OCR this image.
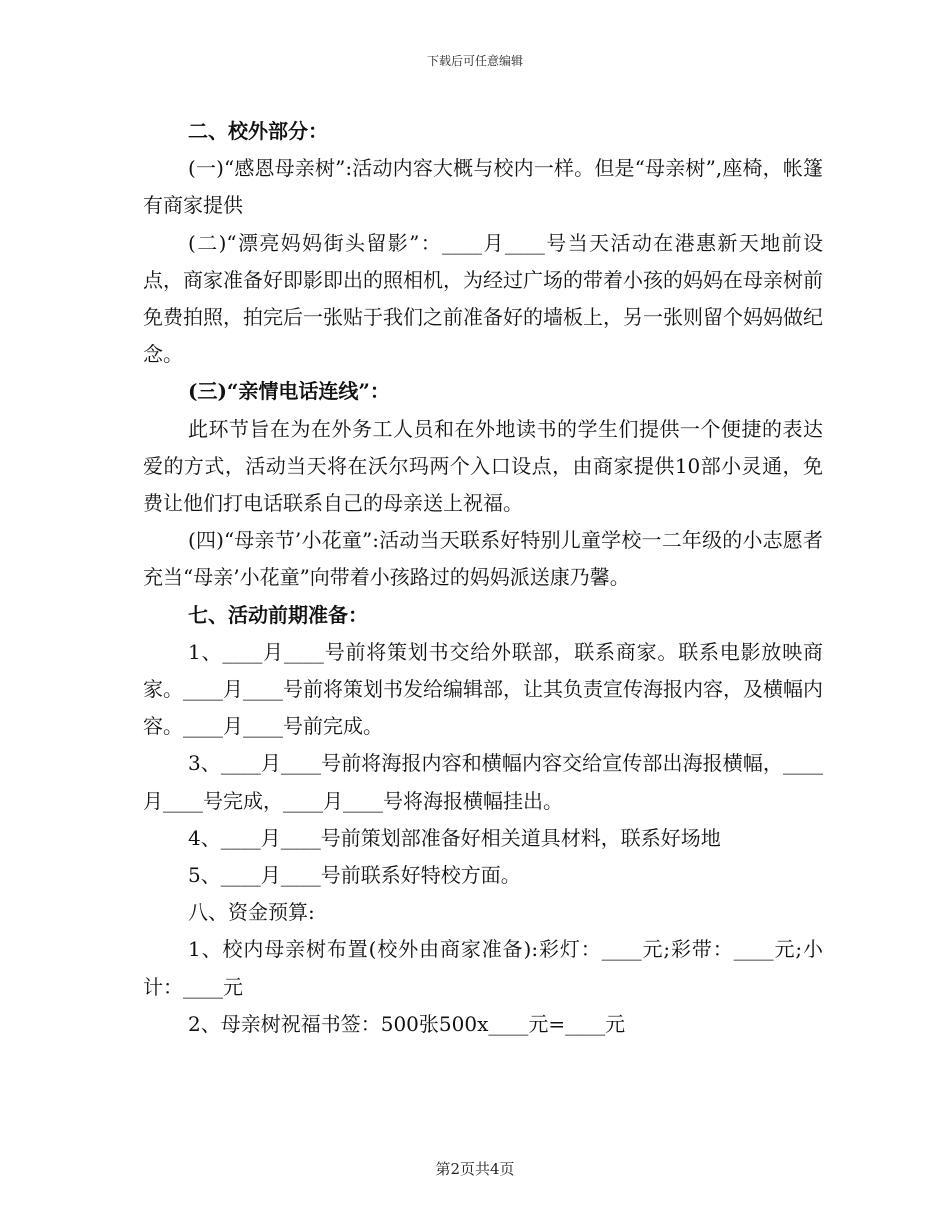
下载后可任意编辑

二、校外部分：

(一)“感恩母亲树”:活动内容大概与校内一样。但是“母亲树”,座椅，帐篷有商家提供

(二)“漂亮妈妈街头留影”：____月____号当天活动在港惠新天地前设点，商家准备好即影即出的照相机，为经过广场的带着小孩的妈妈在母亲树前免费拍照，拍完后一张贴于我们之前准备好的墙板上，另一张则留个妈妈做纪念。

(三)“亲情电话连线”：

此环节旨在为在外务工人员和在外地读书的学生们提供一个便捷的表达爱的方式，活动当天将在沃尔玛两个入口设点，由商家提供10部小灵通，免费让他们打电话联系自己的母亲送上祝福。

(四)“母亲节’小花童”:活动当天联系好特别儿童学校一二年级的小志愿者充当“母亲’小花童”向带着小孩路过的妈妈派送康乃馨。

七、活动前期准备：

1、____月____号前将策划书交给外联部，联系商家。联系电影放映商家。____月____号前将策划书发给编辑部，让其负责宣传海报内容，及横幅内容。____月____号前完成。

3、____月____号前将海报内容和横幅内容交给宣传部出海报横幅，____月____号完成，____月____号将海报横幅挂出。

4、____月____号前策划部准备好相关道具材料，联系好场地

5、____月____号前联系好特校方面。

八、资金预算:

1、校内母亲树布置(校外由商家准备):彩灯：____元;彩带：____元;小计：____元

2、母亲树祝福书签：500张500x____元=____元

第2页共4页
